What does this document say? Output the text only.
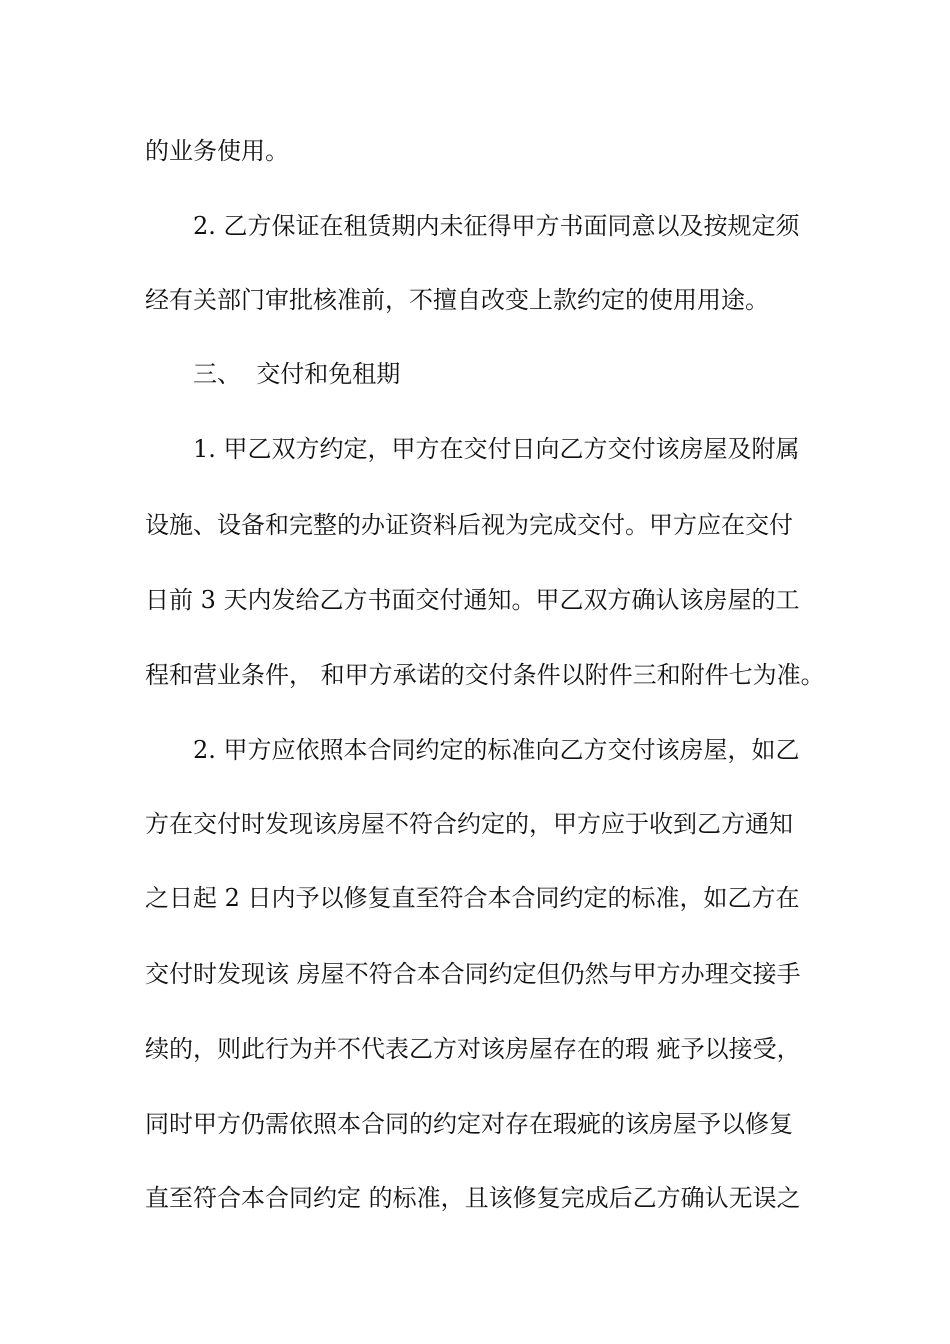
的业务使用。
2. 乙方保证在租赁期内未征得甲方书面同意以及按规定须
经有关部门审批核准前，不擅自改变上款约定的使用用途。
三、  交付和免租期
1. 甲乙双方约定，甲方在交付日向乙方交付该房屋及附属
设施、设备和完整的办证资料后视为完成交付。甲方应在交付
日前 3 天内发给乙方书面交付通知。甲乙双方确认该房屋的工
程和营业条件， 和甲方承诺的交付条件以附件三和附件七为准。
2. 甲方应依照本合同约定的标准向乙方交付该房屋，如乙
方在交付时发现该房屋不符合约定的，甲方应于收到乙方通知
之日起 2 日内予以修复直至符合本合同约定的标准，如乙方在
交付时发现该 房屋不符合本合同约定但仍然与甲方办理交接手
续的，则此行为并不代表乙方对该房屋存在的瑕 疵予以接受，
同时甲方仍需依照本合同的约定对存在瑕疵的该房屋予以修复
直至符合本合同约定 的标准，且该修复完成后乙方确认无误之
